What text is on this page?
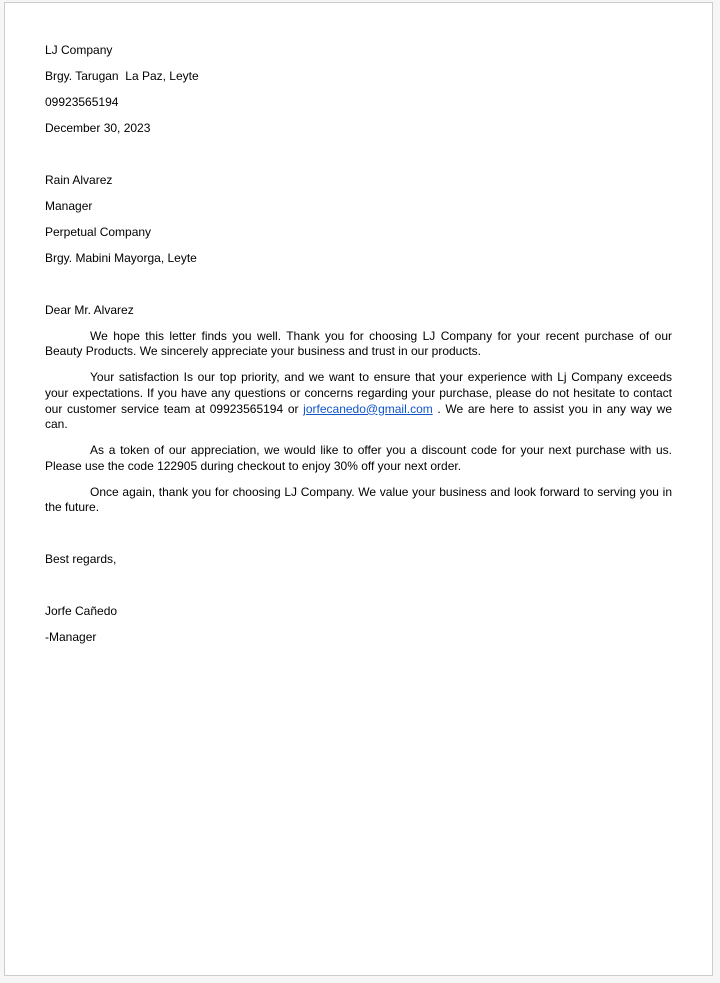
LJ Company

Brgy. Tarugan  La Paz, Leyte

09923565194

December 30, 2023

Rain Alvarez

Manager

Perpetual Company

Brgy. Mabini Mayorga, Leyte

Dear Mr. Alvarez

We hope this letter finds you well. Thank you for choosing LJ Company for your recent purchase of our Beauty Products. We sincerely appreciate your business and trust in our products.

Your satisfaction Is our top priority, and we want to ensure that your experience with Lj Company exceeds your expectations. If you have any questions or concerns regarding your purchase, please do not hesitate to contact our customer service team at 09923565194 or jorfecanedo@gmail.com . We are here to assist you in any way we can.

As a token of our appreciation, we would like to offer you a discount code for your next purchase with us. Please use the code 122905 during checkout to enjoy 30% off your next order.

Once again, thank you for choosing LJ Company. We value your business and look forward to serving you in the future.

Best regards,

Jorfe Cañedo

-Manager
